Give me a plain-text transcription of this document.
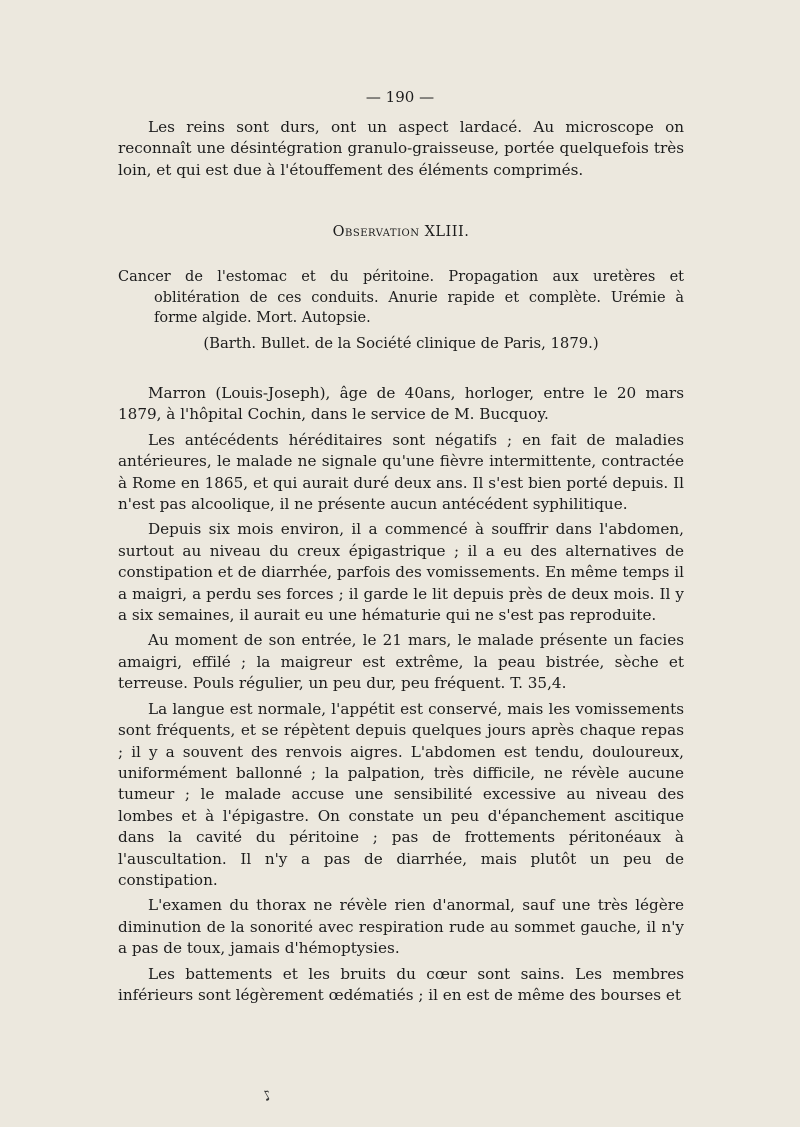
— 190 —

Les reins sont durs, ont un aspect lardacé. Au microscope on reconnaît une désintégration granulo-graisseuse, portée quelquefois très loin, et qui est due à l'étouffement des éléments comprimés.

Observation XLIII.

Cancer de l'estomac et du péritoine. Propagation aux uretères et oblitération de ces conduits. Anurie rapide et complète. Urémie à forme algide. Mort. Autopsie.

(Barth. Bullet. de la Société clinique de Paris, 1879.)

Marron (Louis-Joseph), âge de 40ans, horloger, entre le 20 mars 1879, à l'hôpital Cochin, dans le service de M. Bucquoy.

Les antécédents héréditaires sont négatifs ; en fait de maladies antérieures, le malade ne signale qu'une fièvre intermittente, contractée à Rome en 1865, et qui aurait duré deux ans. Il s'est bien porté depuis. Il n'est pas alcoolique, il ne présente aucun antécédent syphilitique.

Depuis six mois environ, il a commencé à souffrir dans l'abdomen, surtout au niveau du creux épigastrique ; il a eu des alternatives de constipation et de diarrhée, parfois des vomissements. En même temps il a maigri, a perdu ses forces ; il garde le lit depuis près de deux mois. Il y a six semaines, il aurait eu une hématurie qui ne s'est pas reproduite.

Au moment de son entrée, le 21 mars, le malade présente un facies amaigri, effilé ; la maigreur est extrême, la peau bistrée, sèche et terreuse. Pouls régulier, un peu dur, peu fréquent. T. 35,4.

La langue est normale, l'appétit est conservé, mais les vomissements sont fréquents, et se répètent depuis quelques jours après chaque repas ; il y a souvent des renvois aigres. L'abdomen est tendu, douloureux, uniformément ballonné ; la palpation, très difficile, ne révèle aucune tumeur ; le malade accuse une sensibilité excessive au niveau des lombes et à l'épigastre. On constate un peu d'épanchement ascitique dans la cavité du péritoine ; pas de frottements péritonéaux à l'auscultation. Il n'y a pas de diarrhée, mais plutôt un peu de constipation.

L'examen du thorax ne révèle rien d'anormal, sauf une très légère diminution de la sonorité avec respiration rude au sommet gauche, il n'y a pas de toux, jamais d'hémoptysies.

Les battements et les bruits du cœur sont sains. Les membres inférieurs sont légèrement œdématiés ; il en est de même des bourses et

♪
